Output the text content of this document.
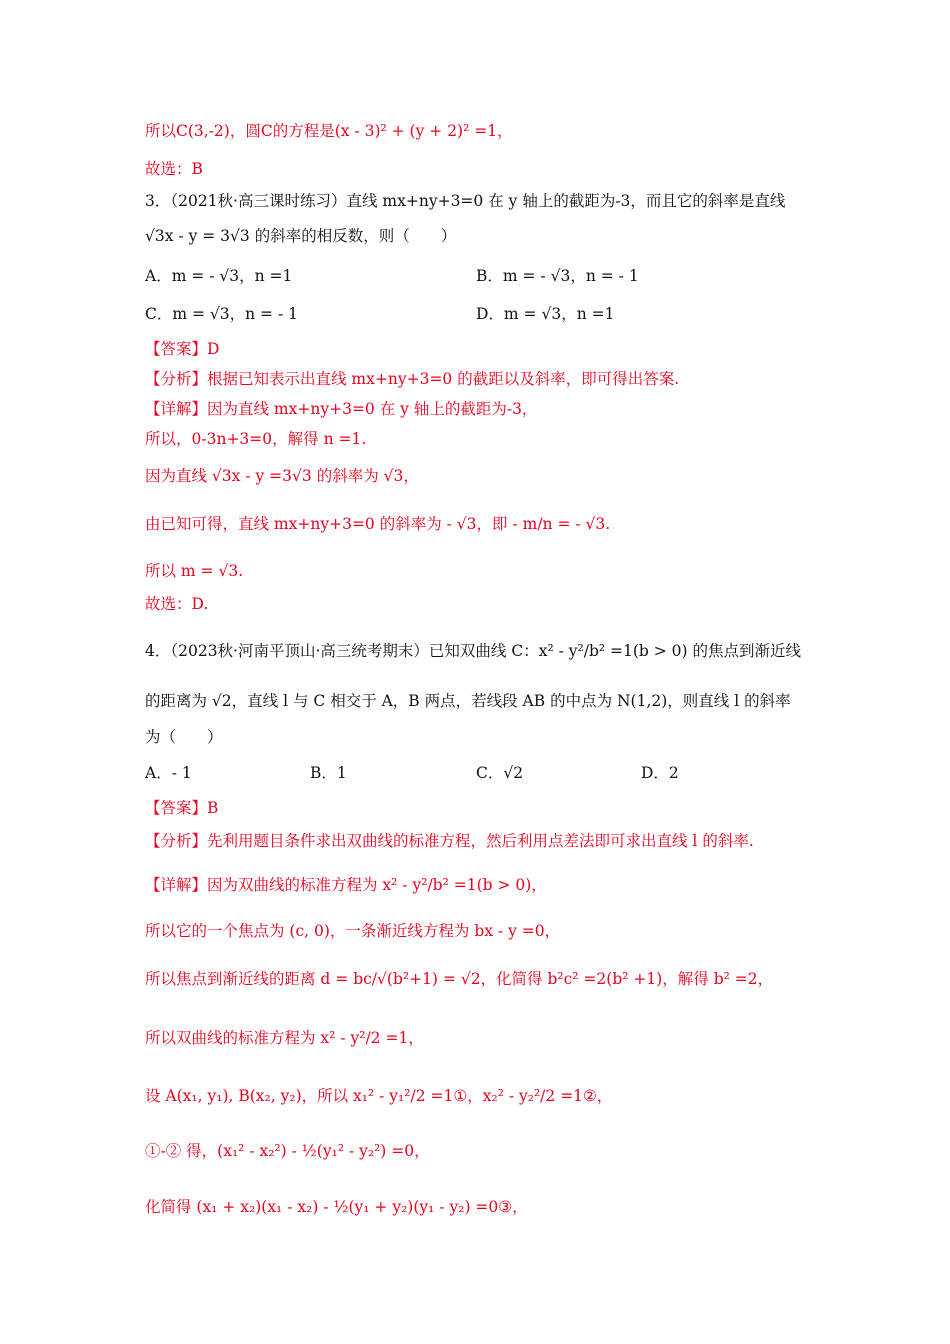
所以C(3,-2)，圆C的方程是(x - 3)² + (y + 2)² =1，
故选：B
3．（2021秋·高三课时练习）直线 mx+ny+3=0 在 y 轴上的截距为-3，而且它的斜率是直线
√3x - y = 3√3 的斜率的相反数，则（　　）
A．m = - √3，n =1	B．m = - √3，n = - 1
C．m = √3，n = - 1	D．m = √3，n =1
【答案】D
【分析】根据已知表示出直线 mx+ny+3=0 的截距以及斜率，即可得出答案.
【详解】因为直线 mx+ny+3=0 在 y 轴上的截距为-3，
所以，0-3n+3=0，解得 n =1.
因为直线 √3x - y =3√3 的斜率为 √3，
由已知可得，直线 mx+ny+3=0 的斜率为 - √3，即 - m/n = - √3.
所以 m = √3.
故选：D.
4．（2023秋·河南平顶山·高三统考期末）已知双曲线 C：x² - y²/b² =1(b > 0) 的焦点到渐近线
的距离为 √2，直线 l 与 C 相交于 A，B 两点，若线段 AB 的中点为 N(1,2)，则直线 l 的斜率
为（　　）
A．- 1	B．1	C．√2	D．2
【答案】B
【分析】先利用题目条件求出双曲线的标准方程，然后利用点差法即可求出直线 l 的斜率.
【详解】因为双曲线的标准方程为 x² - y²/b² =1(b > 0)，
所以它的一个焦点为 (c, 0)，一条渐近线方程为 bx - y =0，
所以焦点到渐近线的距离 d = bc/√(b²+1) = √2，化简得 b²c² =2(b² +1)，解得 b² =2，
所以双曲线的标准方程为 x² - y²/2 =1，
设 A(x₁, y₁), B(x₂, y₂)，所以 x₁² - y₁²/2 =1①，x₂² - y₂²/2 =1②，
①-② 得，(x₁² - x₂²) - ½(y₁² - y₂²) =0，
化简得 (x₁ + x₂)(x₁ - x₂) - ½(y₁ + y₂)(y₁ - y₂) =0③，
